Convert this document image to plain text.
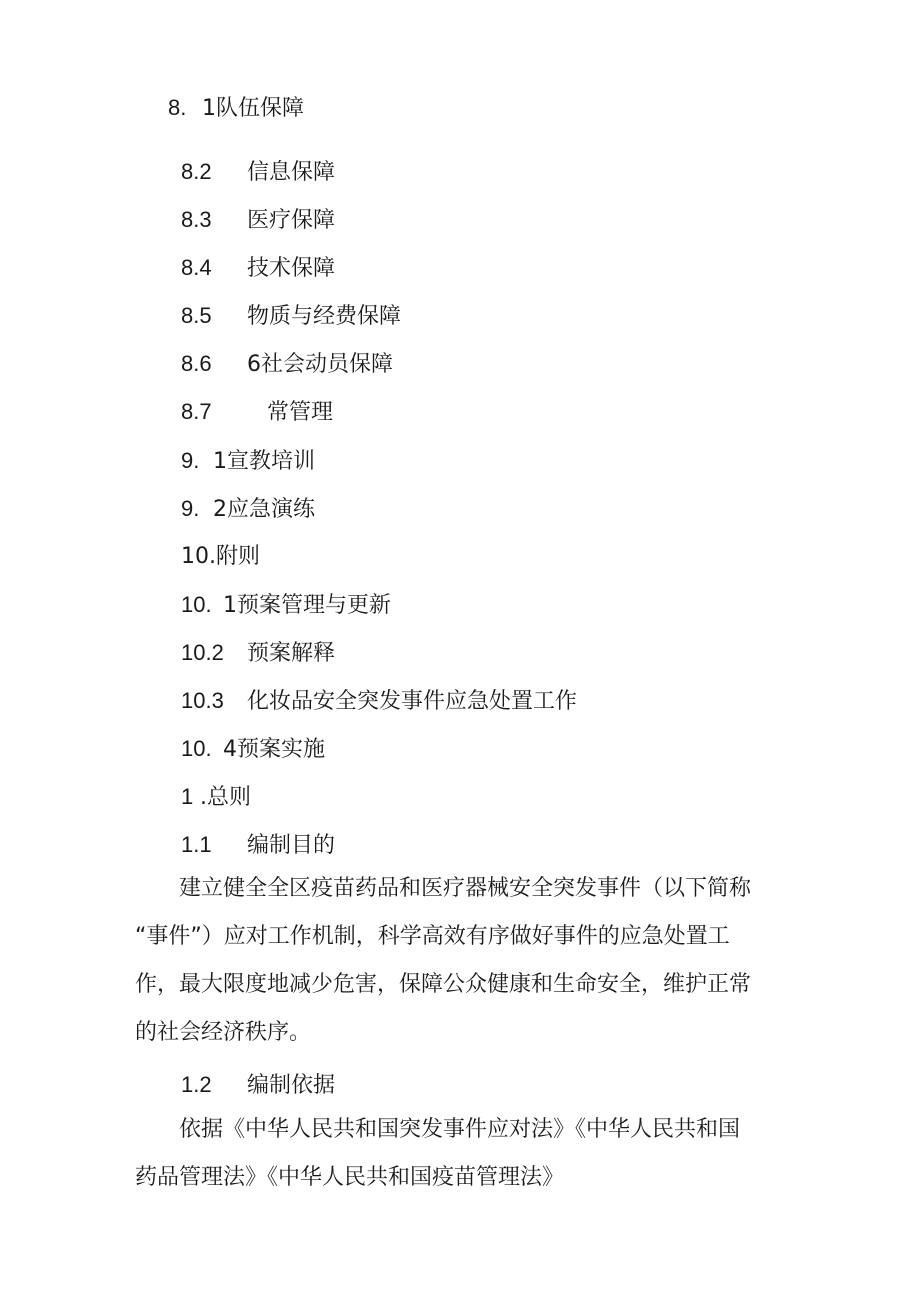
8. 1队伍保障
8.2 信息保障
8.3 医疗保障
8.4 技术保障
8.5 物质与经费保障
8.6 6社会动员保障
8.7	常管理
9. 1宣教培训
9. 2应急演练
10.附则
10. 1预案管理与更新
10.2 预案解释
10.3 化妆品安全突发事件应急处置工作
10. 4预案实施
1 .总则
1.1 编制目的
建立健全全区疫苗药品和医疗器械安全突发事件（以下简称
“事件”）应对工作机制，科学高效有序做好事件的应急处置工
作，最大限度地减少危害，保障公众健康和生命安全，维护正常
的社会经济秩序。
1.2 编制依据
依据《中华人民共和国突发事件应对法》《中华人民共和国
药品管理法》《中华人民共和国疫苗管理法》
